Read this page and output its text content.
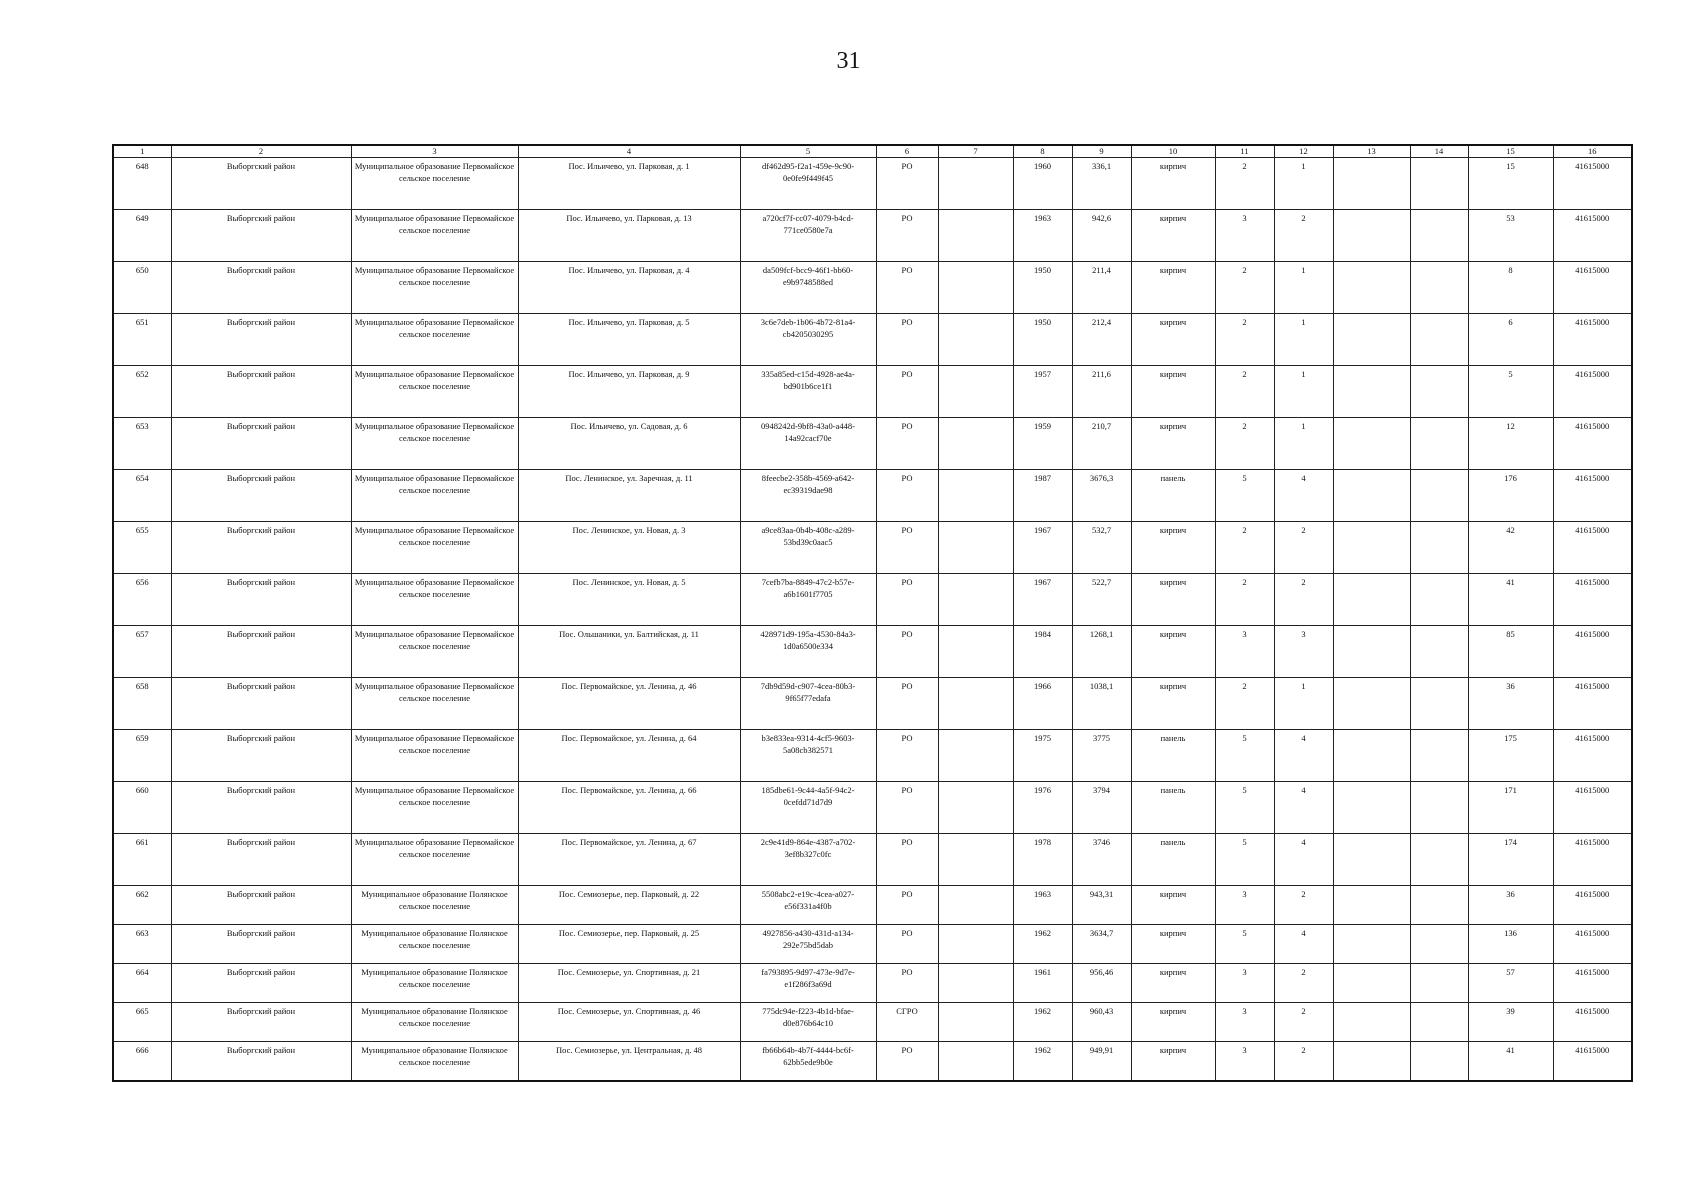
31
1	2	3	4	5	6	7	8	9	10	11	12	13	14	15	16
648	Выборгский район	Муниципальное образование Первомайское сельское поселение	Пос. Ильичево, ул. Парковая, д. 1	df462d95-f2a1-459e-9c90-0e0fe9f449f45	РО		1960	336,1	кирпич	2	1			15	41615000
649	Выборгский район	Муниципальное образование Первомайское сельское поселение	Пос. Ильичево, ул. Парковая, д. 13	a720cf7f-cc07-4079-b4cd-771ce0580e7a	РО		1963	942,6	кирпич	3	2			53	41615000
650	Выборгский район	Муниципальное образование Первомайское сельское поселение	Пос. Ильичево, ул. Парковая, д. 4	da509fcf-bcc9-46f1-bb60-e9b9748588ed	РО		1950	211,4	кирпич	2	1			8	41615000
651	Выборгский район	Муниципальное образование Первомайское сельское поселение	Пос. Ильичево, ул. Парковая, д. 5	3c6e7deb-1b06-4b72-81a4-cb4205030295	РО		1950	212,4	кирпич	2	1			6	41615000
652	Выборгский район	Муниципальное образование Первомайское сельское поселение	Пос. Ильичево, ул. Парковая, д. 9	335a85ed-c15d-4928-ae4a-bd901b6ce1f1	РО		1957	211,6	кирпич	2	1			5	41615000
653	Выборгский район	Муниципальное образование Первомайское сельское поселение	Пос. Ильичево, ул. Садовая, д. 6	0948242d-9bf8-43a0-a448-14a92cacf70e	РО		1959	210,7	кирпич	2	1			12	41615000
654	Выборгский район	Муниципальное образование Первомайское сельское поселение	Пос. Ленинское, ул. Заречная, д. 11	8feecbe2-358b-4569-a642-ec39319dae98	РО		1987	3676,3	панель	5	4			176	41615000
655	Выборгский район	Муниципальное образование Первомайское сельское поселение	Пос. Ленинское, ул. Новая, д. 3	a9ce83aa-0b4b-408c-a289-53bd39c0aac5	РО		1967	532,7	кирпич	2	2			42	41615000
656	Выборгский район	Муниципальное образование Первомайское сельское поселение	Пос. Ленинское, ул. Новая, д. 5	7cefb7ba-8849-47c2-b57e-a6b1601f7705	РО		1967	522,7	кирпич	2	2			41	41615000
657	Выборгский район	Муниципальное образование Первомайское сельское поселение	Пос. Ольшаники, ул. Балтийская, д. 11	428971d9-195a-4530-84a3-1d0a6500e334	РО		1984	1268,1	кирпич	3	3			85	41615000
658	Выборгский район	Муниципальное образование Первомайское сельское поселение	Пос. Первомайское, ул. Ленина, д. 46	7db9d59d-c907-4cea-80b3-9f65f77edafa	РО		1966	1038,1	кирпич	2	1			36	41615000
659	Выборгский район	Муниципальное образование Первомайское сельское поселение	Пос. Первомайское, ул. Ленина, д. 64	b3e833ea-9314-4cf5-9603-5a08cb382571	РО		1975	3775	панель	5	4			175	41615000
660	Выборгский район	Муниципальное образование Первомайское сельское поселение	Пос. Первомайское, ул. Ленина, д. 66	185dbe61-9c44-4a5f-94c2-0cefdd71d7d9	РО		1976	3794	панель	5	4			171	41615000
661	Выборгский район	Муниципальное образование Первомайское сельское поселение	Пос. Первомайское, ул. Ленина, д. 67	2c9e41d9-864e-4387-a702-3ef8b327c0fc	РО		1978	3746	панель	5	4			174	41615000
662	Выборгский район	Муниципальное образование Полянское сельское поселение	Пос. Семиозерье, пер. Парковый, д. 22	5508abc2-e19c-4cea-a027-e56f331a4f0b	РО		1963	943,31	кирпич	3	2			36	41615000
663	Выборгский район	Муниципальное образование Полянское сельское поселение	Пос. Семиозерье, пер. Парковый, д. 25	4927856-a430-431d-a134-292e75bd5dab	РО		1962	3634,7	кирпич	5	4			136	41615000
664	Выборгский район	Муниципальное образование Полянское сельское поселение	Пос. Семиозерье, ул. Спортивная, д. 21	fa793895-9d97-473e-9d7e-e1f286f3a69d	РО		1961	956,46	кирпич	3	2			57	41615000
665	Выборгский район	Муниципальное образование Полянское сельское поселение	Пос. Семиозерье, ул. Спортивная, д. 46	775dc94e-f223-4b1d-bfae-d0e876b64c10	СГРО		1962	960,43	кирпич	3	2			39	41615000
666	Выборгский район	Муниципальное образование Полянское сельское поселение	Пос. Семиозерье, ул. Центральная, д. 48	fb66b64b-4b7f-4444-bc6f-62bb5ede9b0e	РО		1962	949,91	кирпич	3	2			41	41615000
